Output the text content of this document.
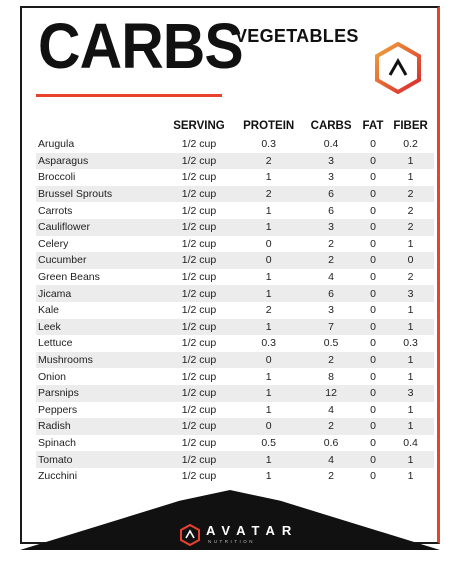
CARBS
VEGETABLES
	SERVING	PROTEIN	CARBS	FAT	FIBER
Arugula	1/2 cup	0.3	0.4	0	0.2
Asparagus	1/2 cup	2	3	0	1
Broccoli	1/2 cup	1	3	0	1
Brussel Sprouts	1/2 cup	2	6	0	2
Carrots	1/2 cup	1	6	0	2
Cauliflower	1/2 cup	1	3	0	2
Celery	1/2 cup	0	2	0	1
Cucumber	1/2 cup	0	2	0	0
Green Beans	1/2 cup	1	4	0	2
Jicama	1/2 cup	1	6	0	3
Kale	1/2 cup	2	3	0	1
Leek	1/2 cup	1	7	0	1
Lettuce	1/2 cup	0.3	0.5	0	0.3
Mushrooms	1/2 cup	0	2	0	1
Onion	1/2 cup	1	8	0	1
Parsnips	1/2 cup	1	12	0	3
Peppers	1/2 cup	1	4	0	1
Radish	1/2 cup	0	2	0	1
Spinach	1/2 cup	0.5	0.6	0	0.4
Tomato	1/2 cup	1	4	0	1
Zucchini	1/2 cup	1	2	0	1
AVATAR
NUTRITION
